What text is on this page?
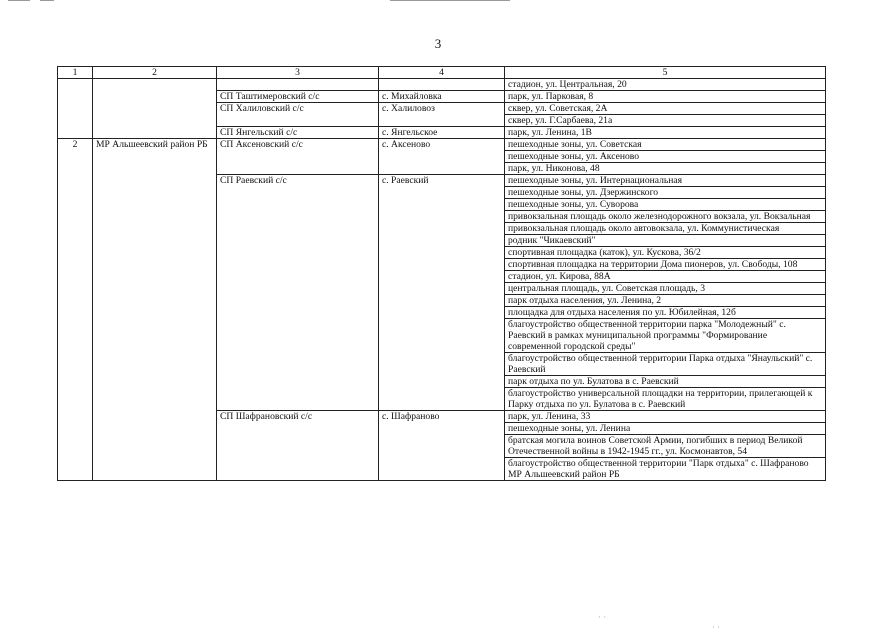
3
1	2	3	4	5
				стадион, ул. Центральная, 20
		СП Таштимеровский с/с	с. Михайловка	парк, ул. Парковая, 8
		СП Халиловский с/с	с. Халиловоз	сквер, ул. Советская, 2А
				сквер, ул. Г.Сарбаева, 21а
		СП Янгельский с/с	с. Янгельское	парк, ул. Ленина, 1В
2	МР Альшеевский район РБ	СП Аксеновский с/с	с. Аксеново	пешеходные зоны, ул. Советская
				пешеходные зоны, ул. Аксеново
				парк, ул. Никонова, 48
		СП Раевский с/с	с. Раевский	пешеходные зоны, ул. Интернациональная
				пешеходные зоны, ул. Дзержинского
				пешеходные зоны, ул. Суворова
				привокзальная площадь около железнодорожного вокзала, ул. Вокзальная
				привокзальная площадь около автовокзала, ул. Коммунистическая
				родник "Чикаевский"
				спортивная площадка (каток), ул. Кускова, 36/2
				спортивная площадка на территории Дома пионеров, ул. Свободы, 108
				стадион, ул. Кирова, 88А
				центральная площадь, ул. Советская площадь, 3
				парк отдыха населения, ул. Ленина, 2
				площадка для отдыха населения по ул. Юбилейная, 12б
				благоустройство общественной территории парка "Молодежный" с. Раевский в рамках муниципальной программы "Формирование современной городской среды"
				благоустройство общественной территории Парка отдыха "Янаульский" с. Раевский
				парк отдыха по ул. Булатова в с. Раевский
				благоустройство универсальной площадки на территории, прилегающей к Парку отдыха по ул. Булатова в с. Раевский
		СП Шафрановский с/с	с. Шафраново	парк, ул. Ленина, 33
				пешеходные зоны, ул. Ленина
				братская могила воинов Советской Армии, погибших в период Великой Отечественной войны в 1942-1945 гг., ул. Космонавтов, 54
				благоустройство общественной территории "Парк отдыха" с. Шафраново МР Альшеевский район РБ
· ·
· ·
